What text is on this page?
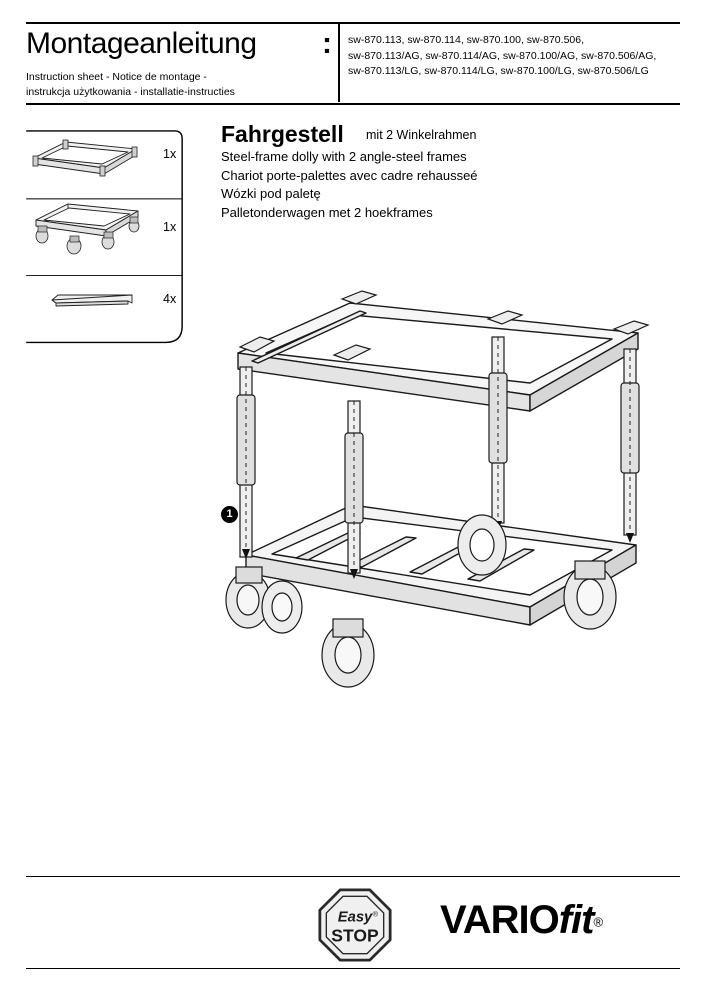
Montageanleitung :
Instruction sheet - Notice de montage -
instrukcja użytkowania - installatie-instructies
sw-870.113, sw-870.114, sw-870.100, sw-870.506,
sw-870.113/AG, sw-870.114/AG, sw-870.100/AG, sw-870.506/AG,
sw-870.113/LG, sw-870.114/LG, sw-870.100/LG, sw-870.506/LG
1x
1x
4x
Fahrgestell mit 2 Winkelrahmen
Steel-frame dolly with 2 angle-steel frames
Chariot porte-palettes avec cadre rehausseé
Wózki pod paletę
Palletonderwagen met 2 hoekframes
1
Easy ®
STOP VARIOfit®
